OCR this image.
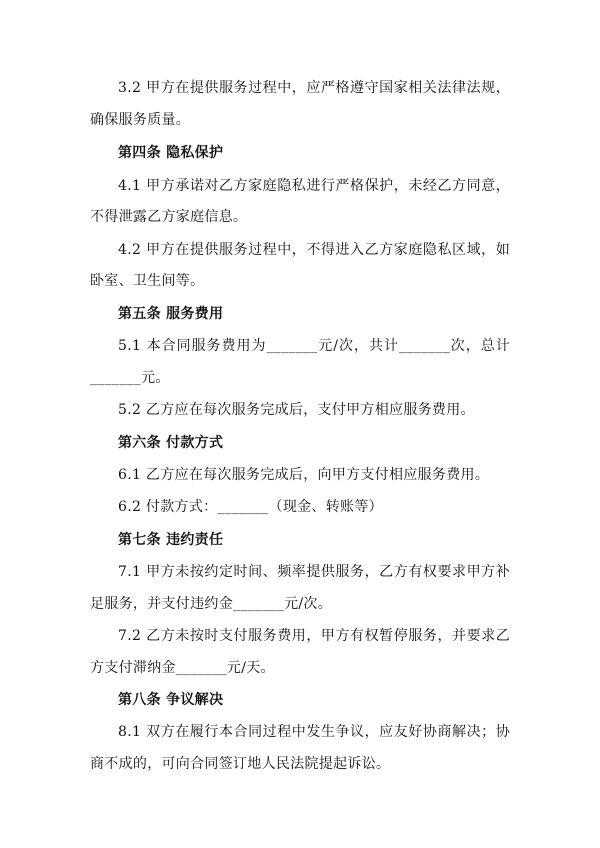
3.2 甲方在提供服务过程中，应严格遵守国家相关法律法规，
确保服务质量。
第四条 隐私保护
4.1 甲方承诺对乙方家庭隐私进行严格保护，未经乙方同意，
不得泄露乙方家庭信息。
4.2 甲方在提供服务过程中，不得进入乙方家庭隐私区域，如
卧室、卫生间等。
第五条 服务费用
5.1 本合同服务费用为_______元/次，共计_______次，总计
_______元。
5.2 乙方应在每次服务完成后，支付甲方相应服务费用。
第六条 付款方式
6.1 乙方应在每次服务完成后，向甲方支付相应服务费用。
6.2 付款方式：_______（现金、转账等）
第七条 违约责任
7.1 甲方未按约定时间、频率提供服务，乙方有权要求甲方补
足服务，并支付违约金_______元/次。
7.2 乙方未按时支付服务费用，甲方有权暂停服务，并要求乙
方支付滞纳金_______元/天。
第八条 争议解决
8.1 双方在履行本合同过程中发生争议，应友好协商解决；协
商不成的，可向合同签订地人民法院提起诉讼。
